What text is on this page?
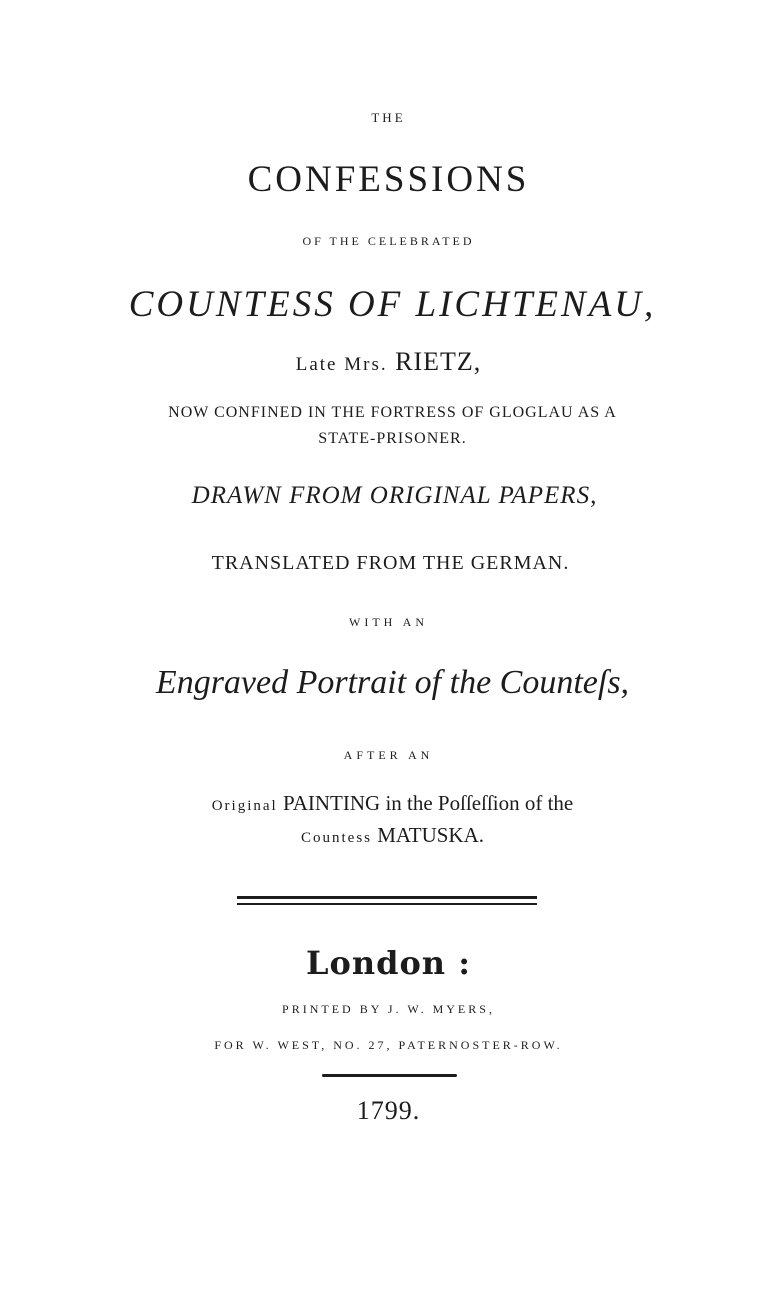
THE
CONFESSIONS
OF THE CELEBRATED
COUNTESS OF LICHTENAU,
Late Mrs. RIETZ,
NOW CONFINED IN THE FORTRESS OF GLOGLAU AS A
STATE-PRISONER.
DRAWN FROM ORIGINAL PAPERS,
TRANSLATED FROM THE GERMAN.
WITH AN
Engraved Portrait of the Counteſs,
AFTER AN
Original PAINTING in the Poſſeſſion of the
Countess MATUSKA.
London :
PRINTED BY J. W. MYERS,
FOR W. WEST, NO. 27, PATERNOSTER-ROW.
1799.
